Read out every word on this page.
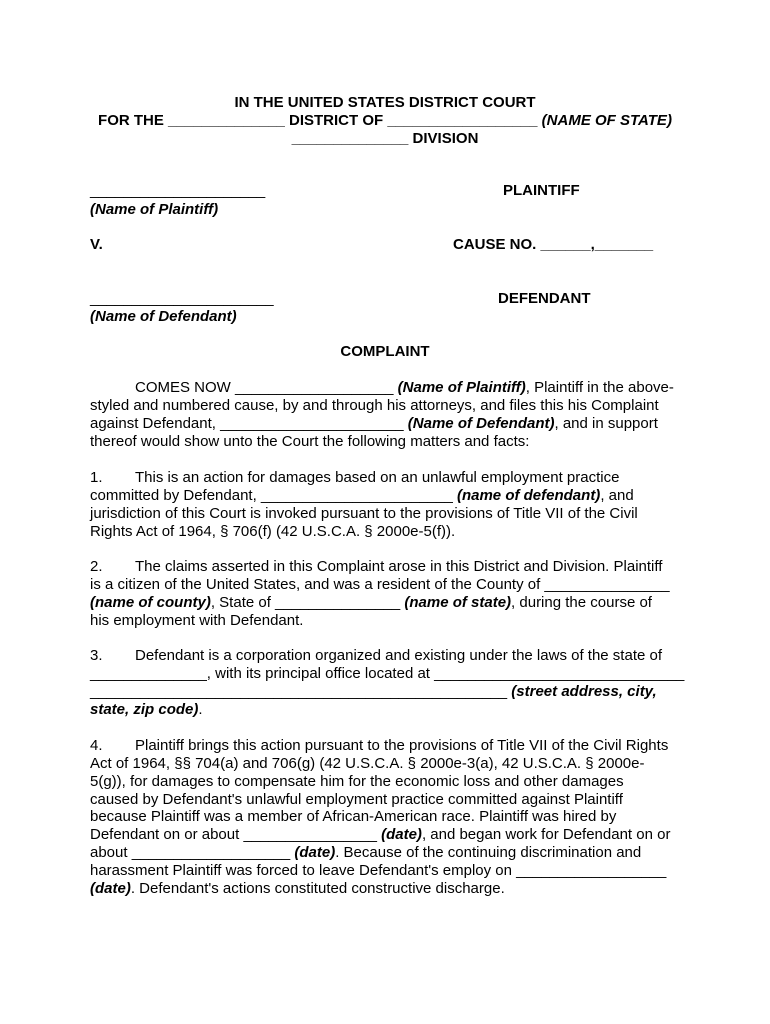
IN THE UNITED STATES DISTRICT COURT
FOR THE ______________ DISTRICT OF __________________ (NAME OF STATE)
______________ DIVISION
_____________________	PLAINTIFF
(Name of Plaintiff)
V.	CAUSE NO. ______,_______
______________________	DEFENDANT
(Name of Defendant)
COMPLAINT
COMES NOW ___________________ (Name of Plaintiff), Plaintiff in the above-
styled and numbered cause, by and through his attorneys, and files this his Complaint
against Defendant, ______________________ (Name of Defendant), and in support
thereof would show unto the Court the following matters and facts:
1. This is an action for damages based on an unlawful employment practice
committed by Defendant, _______________________ (name of defendant), and
jurisdiction of this Court is invoked pursuant to the provisions of Title VII of the Civil
Rights Act of 1964, § 706(f) (42 U.S.C.A. § 2000e-5(f)).
2. The claims asserted in this Complaint arose in this District and Division. Plaintiff
is a citizen of the United States, and was a resident of the County of _______________
(name of county), State of _______________ (name of state), during the course of
his employment with Defendant.
3. Defendant is a corporation organized and existing under the laws of the state of
______________, with its principal office located at ______________________________
__________________________________________________ (street address, city,
state, zip code).
4. Plaintiff brings this action pursuant to the provisions of Title VII of the Civil Rights
Act of 1964, §§ 704(a) and 706(g) (42 U.S.C.A. § 2000e-3(a), 42 U.S.C.A. § 2000e-
5(g)), for damages to compensate him for the economic loss and other damages
caused by Defendant's unlawful employment practice committed against Plaintiff
because Plaintiff was a member of African-American race. Plaintiff was hired by
Defendant on or about ________________ (date), and began work for Defendant on or
about ___________________ (date). Because of the continuing discrimination and
harassment Plaintiff was forced to leave Defendant's employ on __________________
(date). Defendant's actions constituted constructive discharge.
